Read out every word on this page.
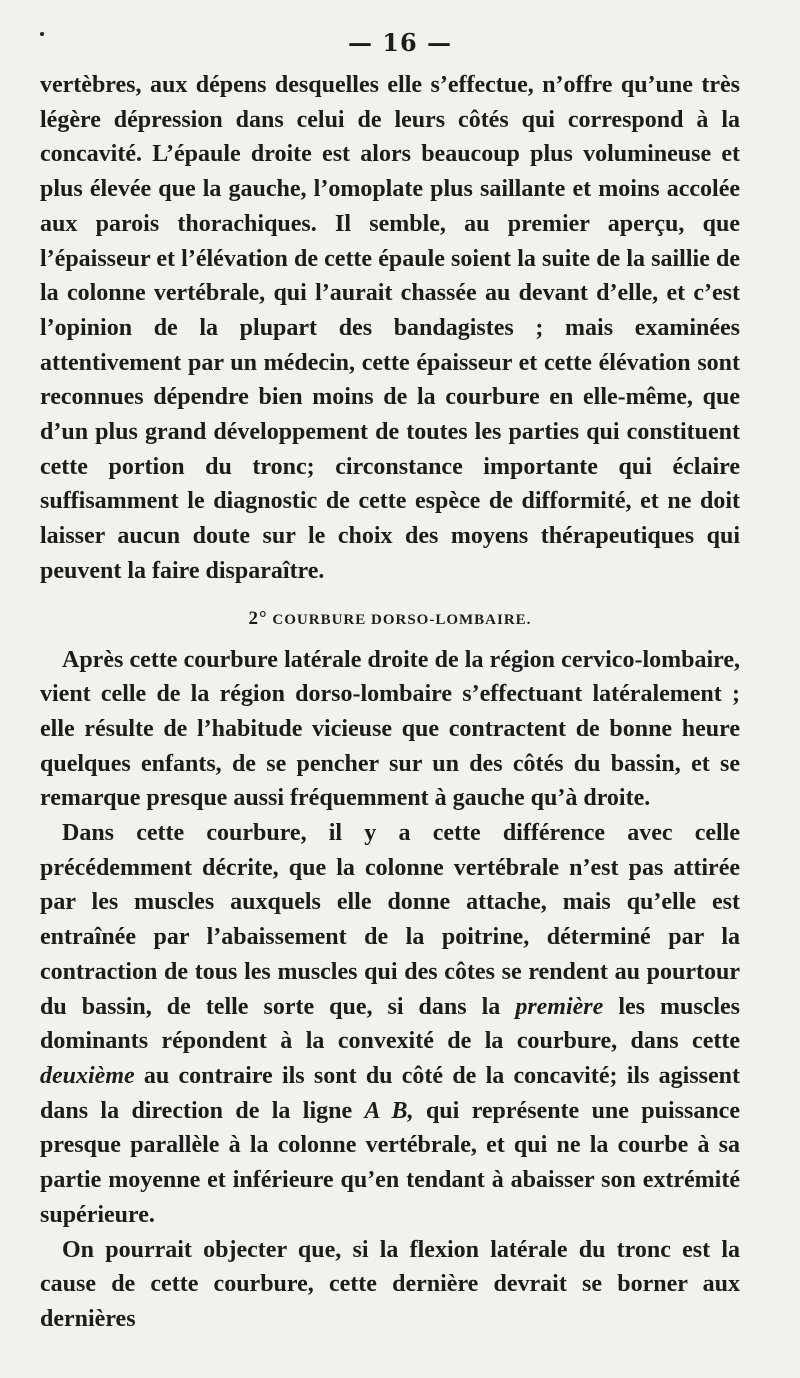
— 16 —

vertèbres, aux dépens desquelles elle s’effectue, n’offre qu’une très légère dépression dans celui de leurs côtés qui correspond à la concavité. L’épaule droite est alors beaucoup plus volumineuse et plus élevée que la gauche, l’omoplate plus saillante et moins accolée aux parois thorachiques. Il semble, au premier aperçu, que l’épaisseur et l’élévation de cette épaule soient la suite de la saillie de la colonne vertébrale, qui l’aurait chassée au devant d’elle, et c’est l’opinion de la plupart des bandagistes ; mais examinées attentivement par un médecin, cette épaisseur et cette élévation sont reconnues dépendre bien moins de la courbure en elle-même, que d’un plus grand développement de toutes les parties qui constituent cette portion du tronc; circonstance importante qui éclaire suffisamment le diagnostic de cette espèce de difformité, et ne doit laisser aucun doute sur le choix des moyens thérapeutiques qui peuvent la faire disparaître.

2° COURBURE DORSO-LOMBAIRE.

Après cette courbure latérale droite de la région cervico-lombaire, vient celle de la région dorso-lombaire s’effectuant latéralement ; elle résulte de l’habitude vicieuse que contractent de bonne heure quelques enfants, de se pencher sur un des côtés du bassin, et se remarque presque aussi fréquemment à gauche qu’à droite.

Dans cette courbure, il y a cette différence avec celle précédemment décrite, que la colonne vertébrale n’est pas attirée par les muscles auxquels elle donne attache, mais qu’elle est entraînée par l’abaissement de la poitrine, déterminé par la contraction de tous les muscles qui des côtes se rendent au pourtour du bassin, de telle sorte que, si dans la première les muscles dominants répondent à la convexité de la courbure, dans cette deuxième au contraire ils sont du côté de la concavité; ils agissent dans la direction de la ligne A B, qui représente une puissance presque parallèle à la colonne vertébrale, et qui ne la courbe à sa partie moyenne et inférieure qu’en tendant à abaisser son extrémité supérieure.

On pourrait objecter que, si la flexion latérale du tronc est la cause de cette courbure, cette dernière devrait se borner aux dernières
